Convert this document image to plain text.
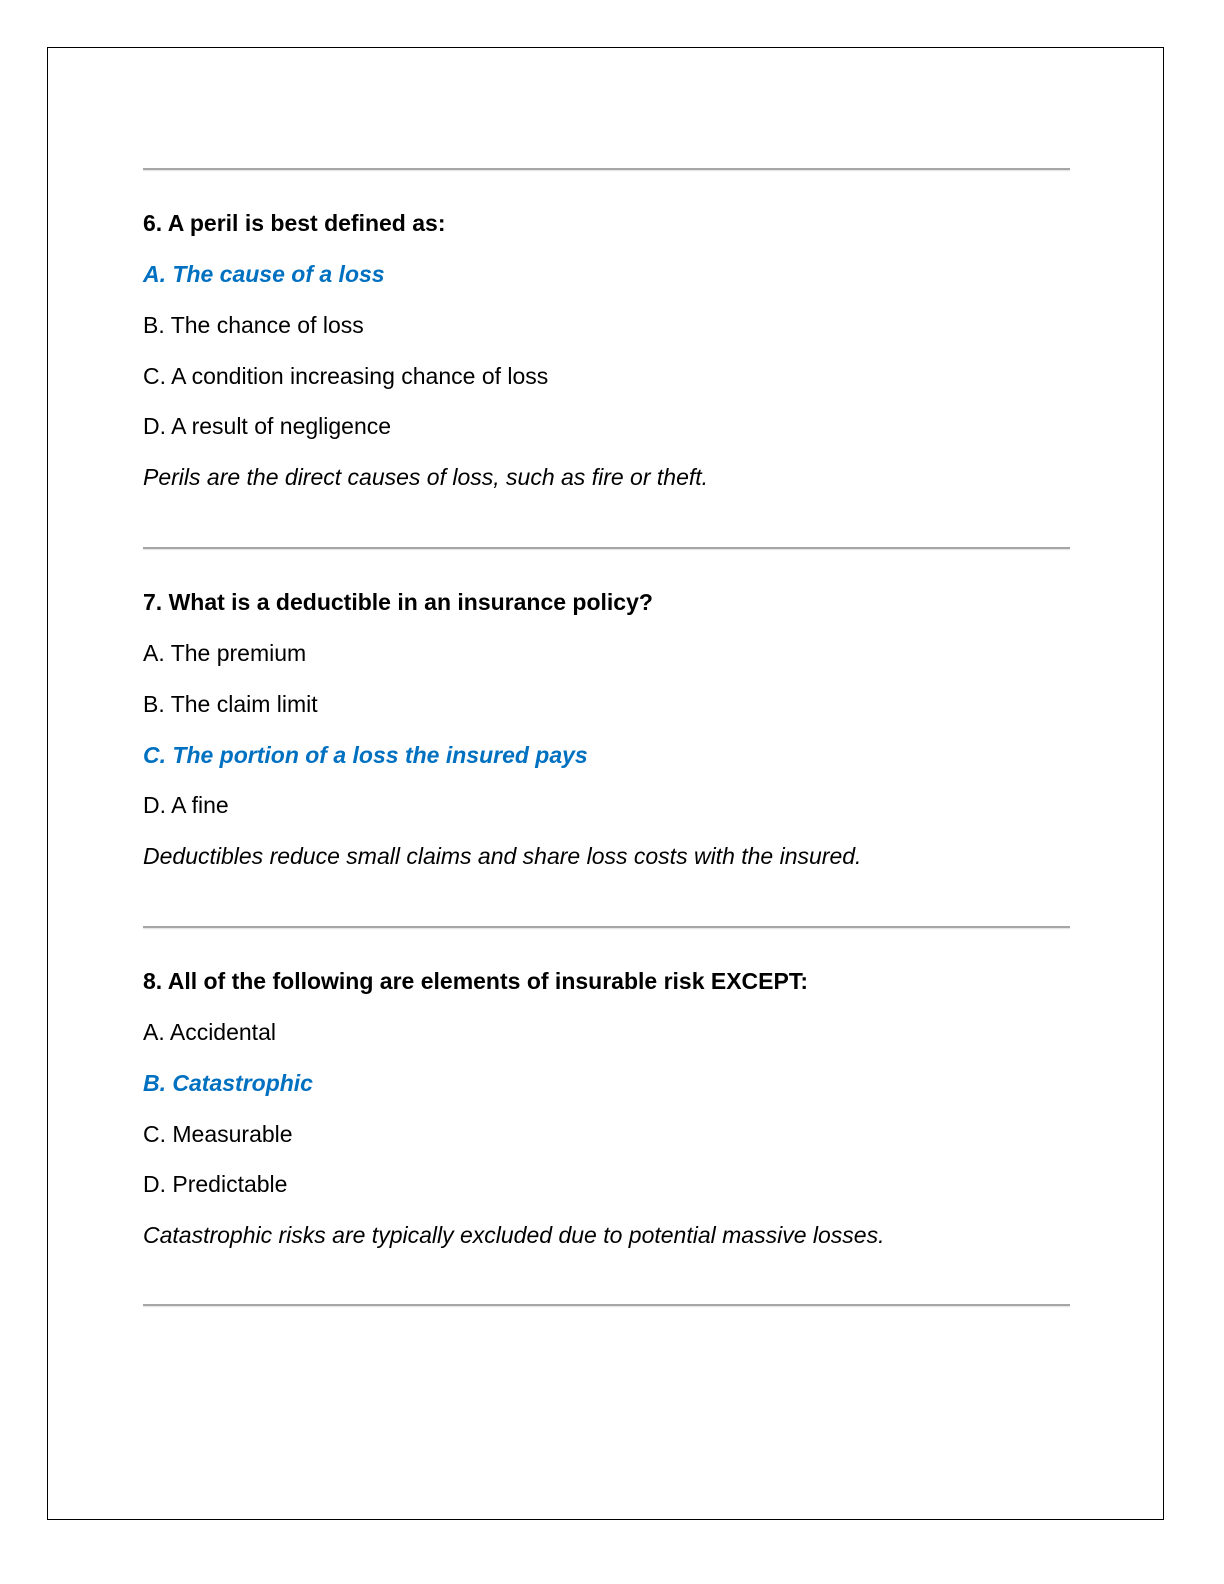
6. A peril is best defined as:
A. The cause of a loss
B. The chance of loss
C. A condition increasing chance of loss
D. A result of negligence
Perils are the direct causes of loss, such as fire or theft.
7. What is a deductible in an insurance policy?
A. The premium
B. The claim limit
C. The portion of a loss the insured pays
D. A fine
Deductibles reduce small claims and share loss costs with the insured.
8. All of the following are elements of insurable risk EXCEPT:
A. Accidental
B. Catastrophic
C. Measurable
D. Predictable
Catastrophic risks are typically excluded due to potential massive losses.
